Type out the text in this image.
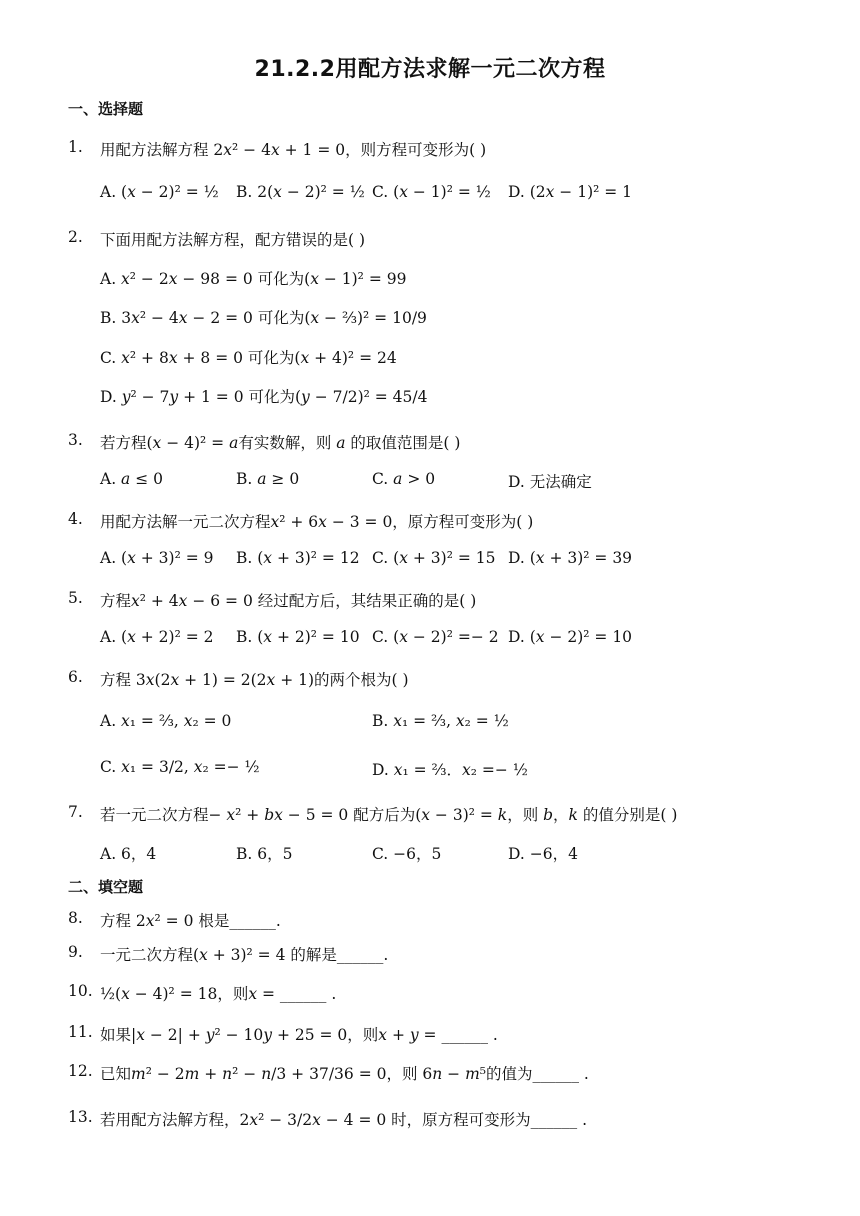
21.2.2用配方法求解一元二次方程
一、选择题
1. 用配方法解方程 2𝑥² − 4𝑥 + 1 = 0，则方程可变形为( )
A. (𝑥 − 2)² = ½ B. 2(𝑥 − 2)² = ½ C. (𝑥 − 1)² = ½ D. (2𝑥 − 1)² = 1
2. 下面用配方法解方程，配方错误的是( )
A. 𝑥² − 2𝑥 − 98 = 0 可化为(𝑥 − 1)² = 99
B. 3𝑥² − 4𝑥 − 2 = 0 可化为(𝑥 − ⅔)² = 10/9
C. 𝑥² + 8𝑥 + 8 = 0 可化为(𝑥 + 4)² = 24
D. 𝑦² − 7𝑦 + 1 = 0 可化为(𝑦 − 7/2)² = 45/4
3. 若方程(𝑥 − 4)² = 𝑎有实数解，则 𝑎 的取值范围是( )
A. 𝑎 ≤ 0	B. 𝑎 ≥ 0	C. 𝑎 > 0	D. 无法确定
4. 用配方法解一元二次方程𝑥² + 6𝑥 − 3 = 0，原方程可变形为( )
A. (𝑥 + 3)² = 9 B. (𝑥 + 3)² = 12 C. (𝑥 + 3)² = 15 D. (𝑥 + 3)² = 39
5. 方程𝑥² + 4𝑥 − 6 = 0 经过配方后，其结果正确的是( )
A. (𝑥 + 2)² = 2 B. (𝑥 + 2)² = 10 C. (𝑥 − 2)² =− 2 D. (𝑥 − 2)² = 10
6. 方程 3𝑥(2𝑥 + 1) = 2(2𝑥 + 1)的两个根为( )
A. 𝑥₁ = ⅔, 𝑥₂ = 0	B. 𝑥₁ = ⅔, 𝑥₂ = ½
C. 𝑥₁ = 3/2, 𝑥₂ =− ½	D. 𝑥₁ = ⅔．𝑥₂ =− ½
7. 若一元二次方程− 𝑥² + 𝑏𝑥 − 5 = 0 配方后为(𝑥 − 3)² = 𝑘，则 𝑏，𝑘 的值分别是( )
A. 6，4	B. 6，5	C. −6，5	D. −6，4
二、填空题
8. 方程 2𝑥² = 0 根是______.
9. 一元二次方程(𝑥 + 3)² = 4 的解是______.
10. ½(𝑥 − 4)² = 18，则𝑥 = ______ .
11. 如果|𝑥 − 2| + 𝑦² − 10𝑦 + 25 = 0，则𝑥 + 𝑦 = ______ .
12. 已知𝑚² − 2𝑚 + 𝑛² − 𝑛/3 + 37/36 = 0，则 6𝑛 − 𝑚⁵的值为______ .
13. 若用配方法解方程，2𝑥² − 3/2𝑥 − 4 = 0 时，原方程可变形为______ .
